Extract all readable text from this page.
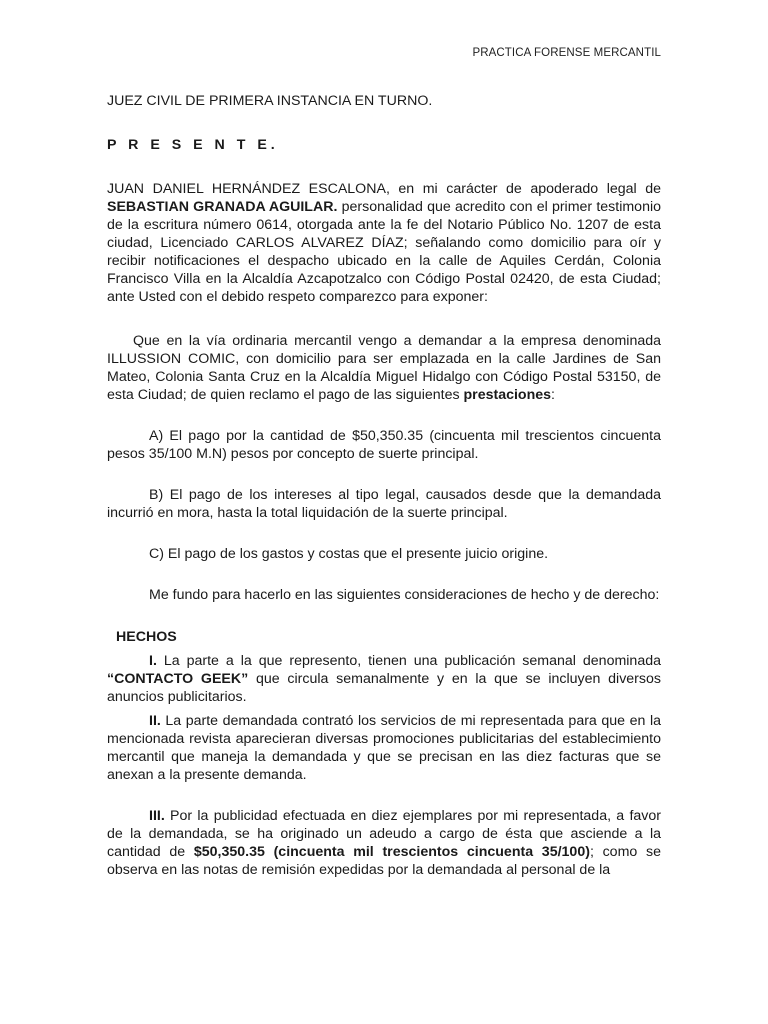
PRACTICA FORENSE MERCANTIL

JUEZ CIVIL DE PRIMERA INSTANCIA EN TURNO.

P R E S E N T E.

JUAN DANIEL HERNÁNDEZ ESCALONA, en mi carácter de apoderado legal de SEBASTIAN GRANADA AGUILAR. personalidad que acredito con el primer testimonio de la escritura número 0614, otorgada ante la fe del Notario Público No. 1207 de esta ciudad, Licenciado CARLOS ALVAREZ DÍAZ; señalando como domicilio para oír y recibir notificaciones el despacho ubicado en la calle de Aquiles Cerdán, Colonia Francisco Villa en la Alcaldía Azcapotzalco con Código Postal 02420, de esta Ciudad; ante Usted con el debido respeto comparezco para exponer:

Que en la vía ordinaria mercantil vengo a demandar a la empresa denominada ILLUSSION COMIC, con domicilio para ser emplazada en la calle Jardines de San Mateo, Colonia Santa Cruz en la Alcaldía Miguel Hidalgo con Código Postal 53150, de esta Ciudad; de quien reclamo el pago de las siguientes prestaciones:

A) El pago por la cantidad de $50,350.35 (cincuenta mil trescientos cincuenta pesos 35/100 M.N) pesos por concepto de suerte principal.

B) El pago de los intereses al tipo legal, causados desde que la demandada incurrió en mora, hasta la total liquidación de la suerte principal.

C) El pago de los gastos y costas que el presente juicio origine.

Me fundo para hacerlo en las siguientes consideraciones de hecho y de derecho:

HECHOS

I. La parte a la que represento, tienen una publicación semanal denominada “CONTACTO GEEK” que circula semanalmente y en la que se incluyen diversos anuncios publicitarios.

II. La parte demandada contrató los servicios de mi representada para que en la mencionada revista aparecieran diversas promociones publicitarias del establecimiento mercantil que maneja la demandada y que se precisan en las diez facturas que se anexan a la presente demanda.

III. Por la publicidad efectuada en diez ejemplares por mi representada, a favor de la demandada, se ha originado un adeudo a cargo de ésta que asciende a la cantidad de $50,350.35 (cincuenta mil trescientos cincuenta 35/100); como se observa en las notas de remisión expedidas por la demandada al personal de la
